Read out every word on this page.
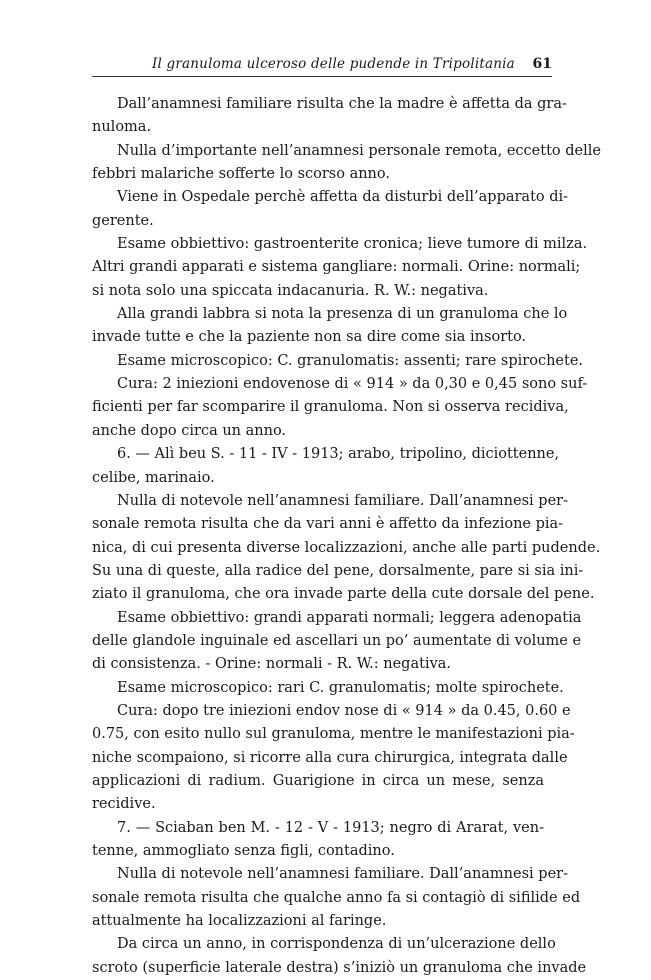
Il granuloma ulceroso delle pudende in Tripolitania 61
Dall’anamnesi familiare risulta che la madre è affetta da gra-
nuloma.
Nulla d’importante nell’anamnesi personale remota, eccetto delle
febbri malariche sofferte lo scorso anno.
Viene in Ospedale perchè affetta da disturbi dell’apparato di-
gerente.
Esame obbiettivo: gastroenterite cronica; lieve tumore di milza.
Altri grandi apparati e sistema gangliare: normali. Orine: normali;
si nota solo una spiccata indacanuria. R. W.: negativa.
Alla grandi labbra si nota la presenza di un granuloma che lo
invade tutte e che la paziente non sa dire come sia insorto.
Esame microscopico: C. granulomatis: assenti; rare spirochete.
Cura: 2 iniezioni endovenose di « 914 » da 0,30 e 0,45 sono suf-
ficienti per far scomparire il granuloma. Non si osserva recidiva,
anche dopo circa un anno.
6. — Alì beu S. - 11 - IV - 1913; arabo, tripolino, diciottenne,
celibe, marinaio.
Nulla di notevole nell’anamnesi familiare. Dall’anamnesi per-
sonale remota risulta che da vari anni è affetto da infezione pia-
nica, di cui presenta diverse localizzazioni, anche alle parti pudende.
Su una di queste, alla radice del pene, dorsalmente, pare si sia ini-
ziato il granuloma, che ora invade parte della cute dorsale del pene.
Esame obbiettivo: grandi apparati normali; leggera adenopatia
delle glandole inguinale ed ascellari un po’ aumentate di volume e
di consistenza. - Orine: normali - R. W.: negativa.
Esame microscopico: rari C. granulomatis; molte spirochete.
Cura: dopo tre iniezioni endov nose di « 914 » da 0.45, 0.60 e
0.75, con esito nullo sul granuloma, mentre le manifestazioni pia-
niche scompaiono, si ricorre alla cura chirurgica, integrata dalle
applicazioni di radium. Guarigione in circa un mese, senza
recidive.
7. — Sciaban ben M. - 12 - V - 1913; negro di Ararat, ven-
tenne, ammogliato senza figli, contadino.
Nulla di notevole nell’anamnesi familiare. Dall’anamnesi per-
sonale remota risulta che qualche anno fa si contagiò di sifilide ed
attualmente ha localizzazioni al faringe.
Da circa un anno, in corrispondenza di un’ulcerazione dello
scroto (superficie laterale destra) s’iniziò un granuloma che invade
